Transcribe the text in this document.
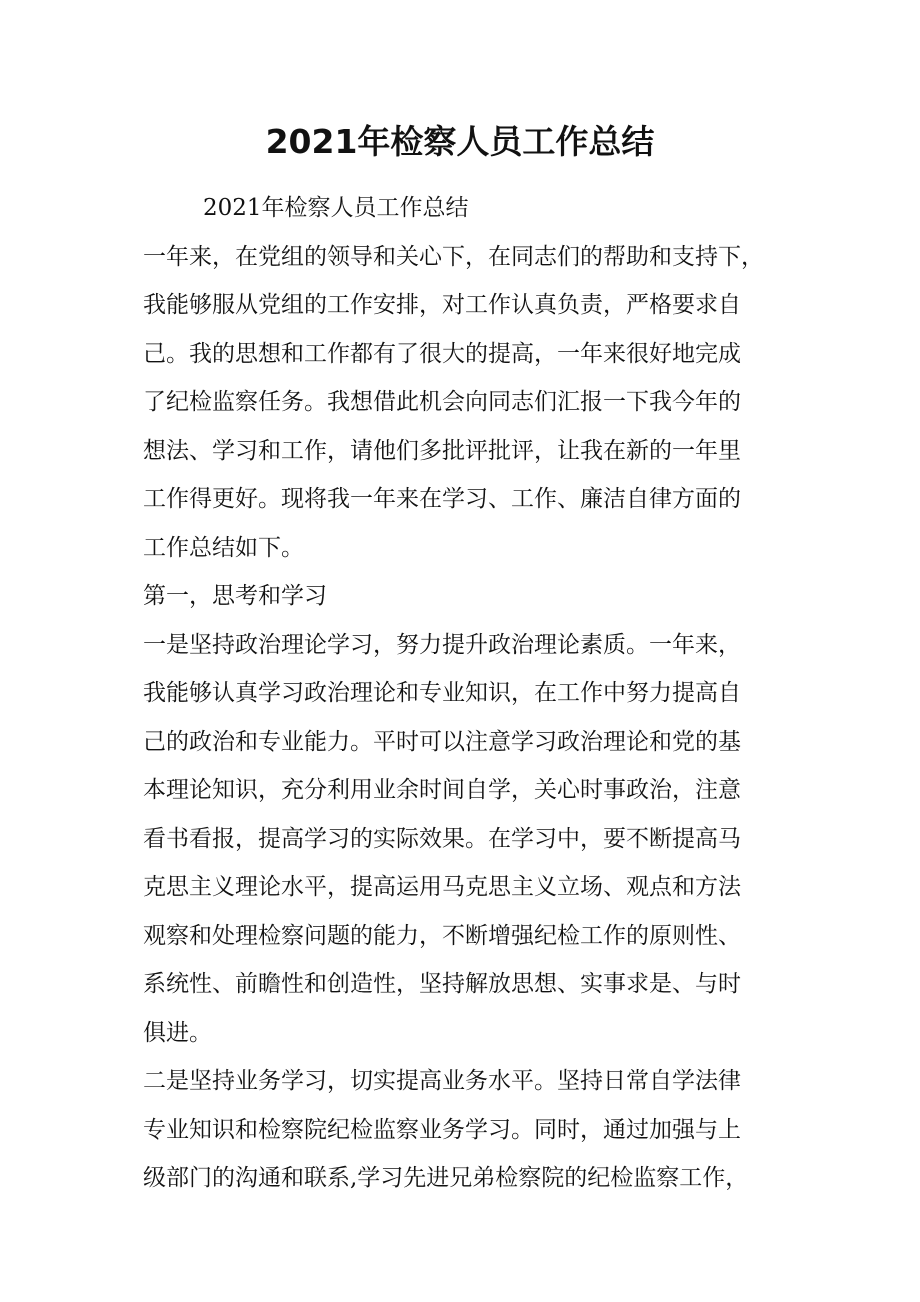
2021年检察人员工作总结
2021年检察人员工作总结
一年来，在党组的领导和关心下，在同志们的帮助和支持下，
我能够服从党组的工作安排，对工作认真负责，严格要求自
己。我的思想和工作都有了很大的提高，一年来很好地完成
了纪检监察任务。我想借此机会向同志们汇报一下我今年的
想法、学习和工作，请他们多批评批评，让我在新的一年里
工作得更好。现将我一年来在学习、工作、廉洁自律方面的
工作总结如下。
第一，思考和学习
一是坚持政治理论学习，努力提升政治理论素质。一年来，
我能够认真学习政治理论和专业知识，在工作中努力提高自
己的政治和专业能力。平时可以注意学习政治理论和党的基
本理论知识，充分利用业余时间自学，关心时事政治，注意
看书看报，提高学习的实际效果。在学习中，要不断提高马
克思主义理论水平，提高运用马克思主义立场、观点和方法
观察和处理检察问题的能力，不断增强纪检工作的原则性、
系统性、前瞻性和创造性，坚持解放思想、实事求是、与时
俱进。
二是坚持业务学习，切实提高业务水平。坚持日常自学法律
专业知识和检察院纪检监察业务学习。同时，通过加强与上
级部门的沟通和联系,学习先进兄弟检察院的纪检监察工作，
